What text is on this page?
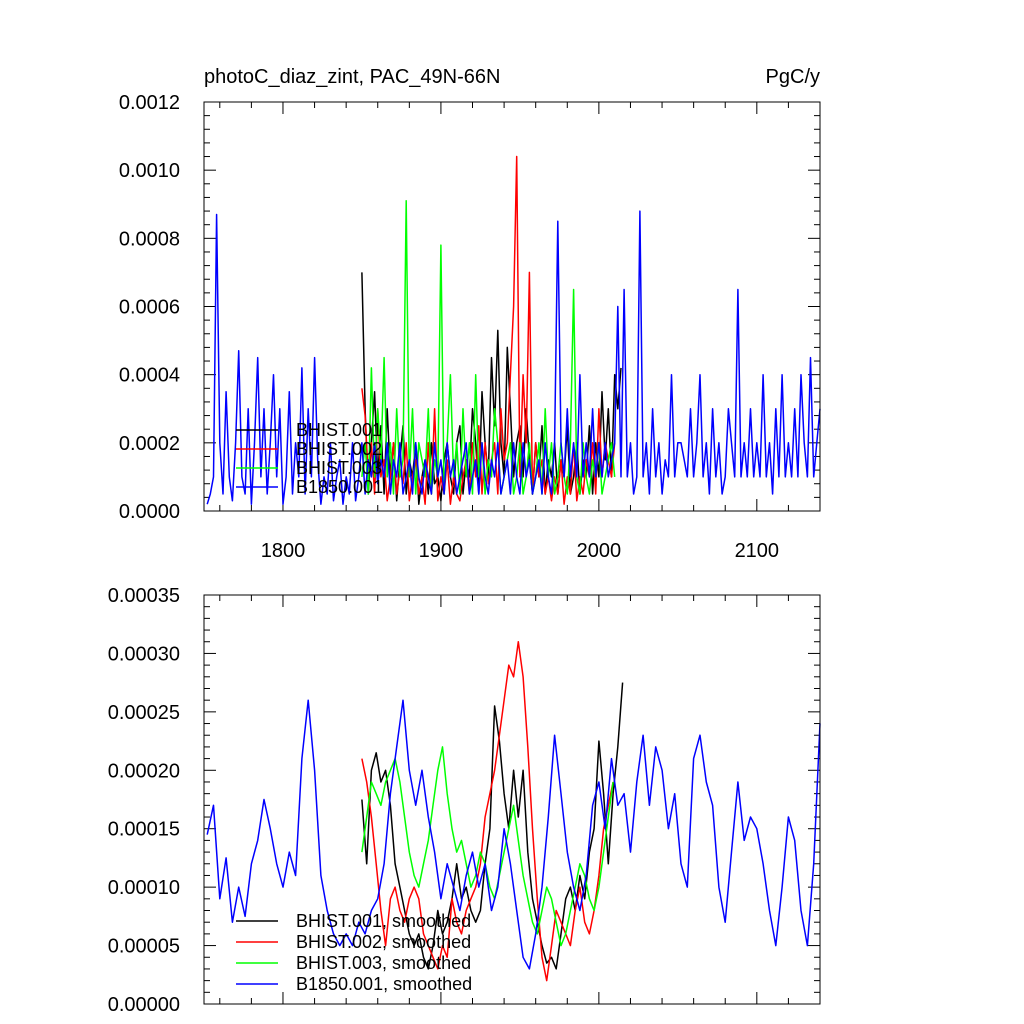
photoC_diaz_zint, PAC_49N-66N	PgC/y
0.0000
0.0002
0.0004
0.0006
0.0008
0.0010
0.0012
1800	1900	2000	2100
BHIST.001
BHIST.002
BHIST.003
B1850.001
0.00000
0.00005
0.00010
0.00015
0.00020
0.00025
0.00030
0.00035
BHIST.001, smoothed
BHIST.002, smoothed
BHIST.003, smoothed
B1850.001, smoothed
